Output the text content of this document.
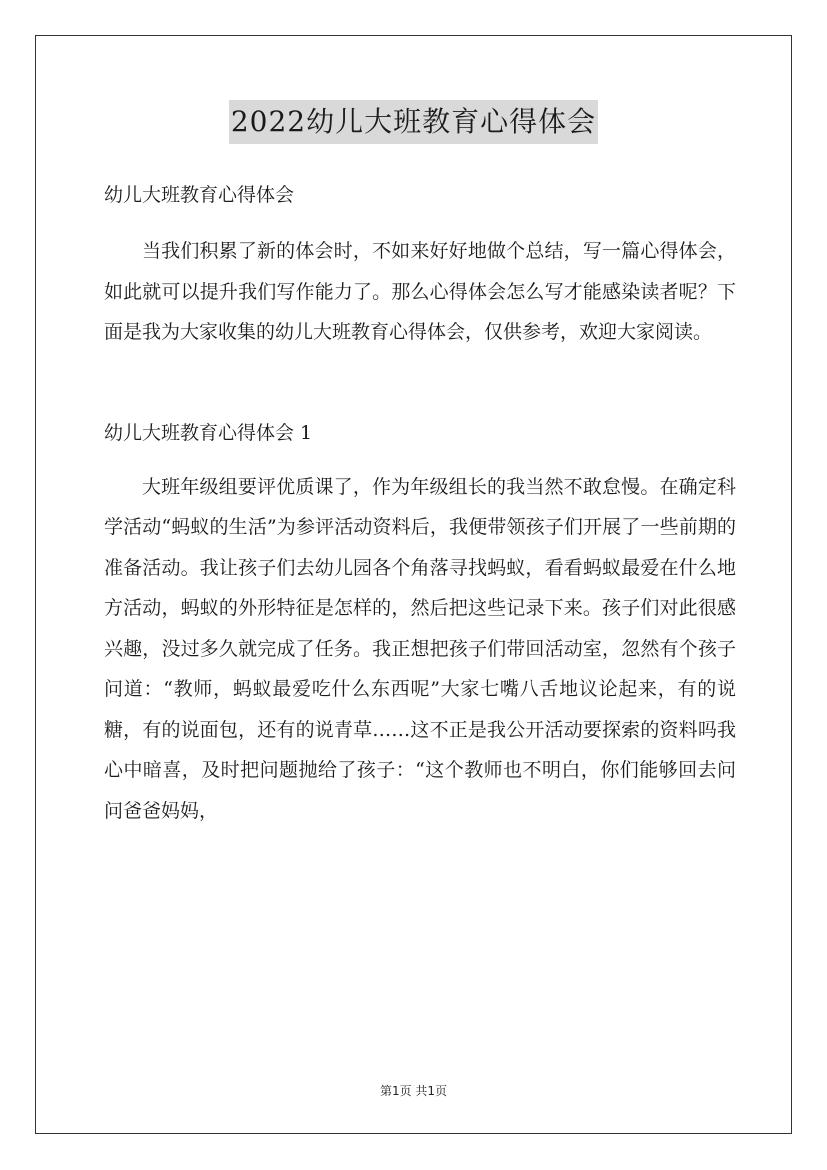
2022幼儿大班教育心得体会

幼儿大班教育心得体会

当我们积累了新的体会时，不如来好好地做个总结，写一篇心得体会，如此就可以提升我们写作能力了。那么心得体会怎么写才能感染读者呢？下面是我为大家收集的幼儿大班教育心得体会，仅供参考，欢迎大家阅读。

幼儿大班教育心得体会 1

大班年级组要评优质课了，作为年级组长的我当然不敢怠慢。在确定科学活动“蚂蚁的生活”为参评活动资料后，我便带领孩子们开展了一些前期的准备活动。我让孩子们去幼儿园各个角落寻找蚂蚁，看看蚂蚁最爱在什么地方活动，蚂蚁的外形特征是怎样的，然后把这些记录下来。孩子们对此很感兴趣，没过多久就完成了任务。我正想把孩子们带回活动室，忽然有个孩子问道：“教师，蚂蚁最爱吃什么东西呢”大家七嘴八舌地议论起来，有的说糖，有的说面包，还有的说青草……这不正是我公开活动要探索的资料吗我心中暗喜，及时把问题抛给了孩子：“这个教师也不明白，你们能够回去问问爸爸妈妈，

第1页 共1页
